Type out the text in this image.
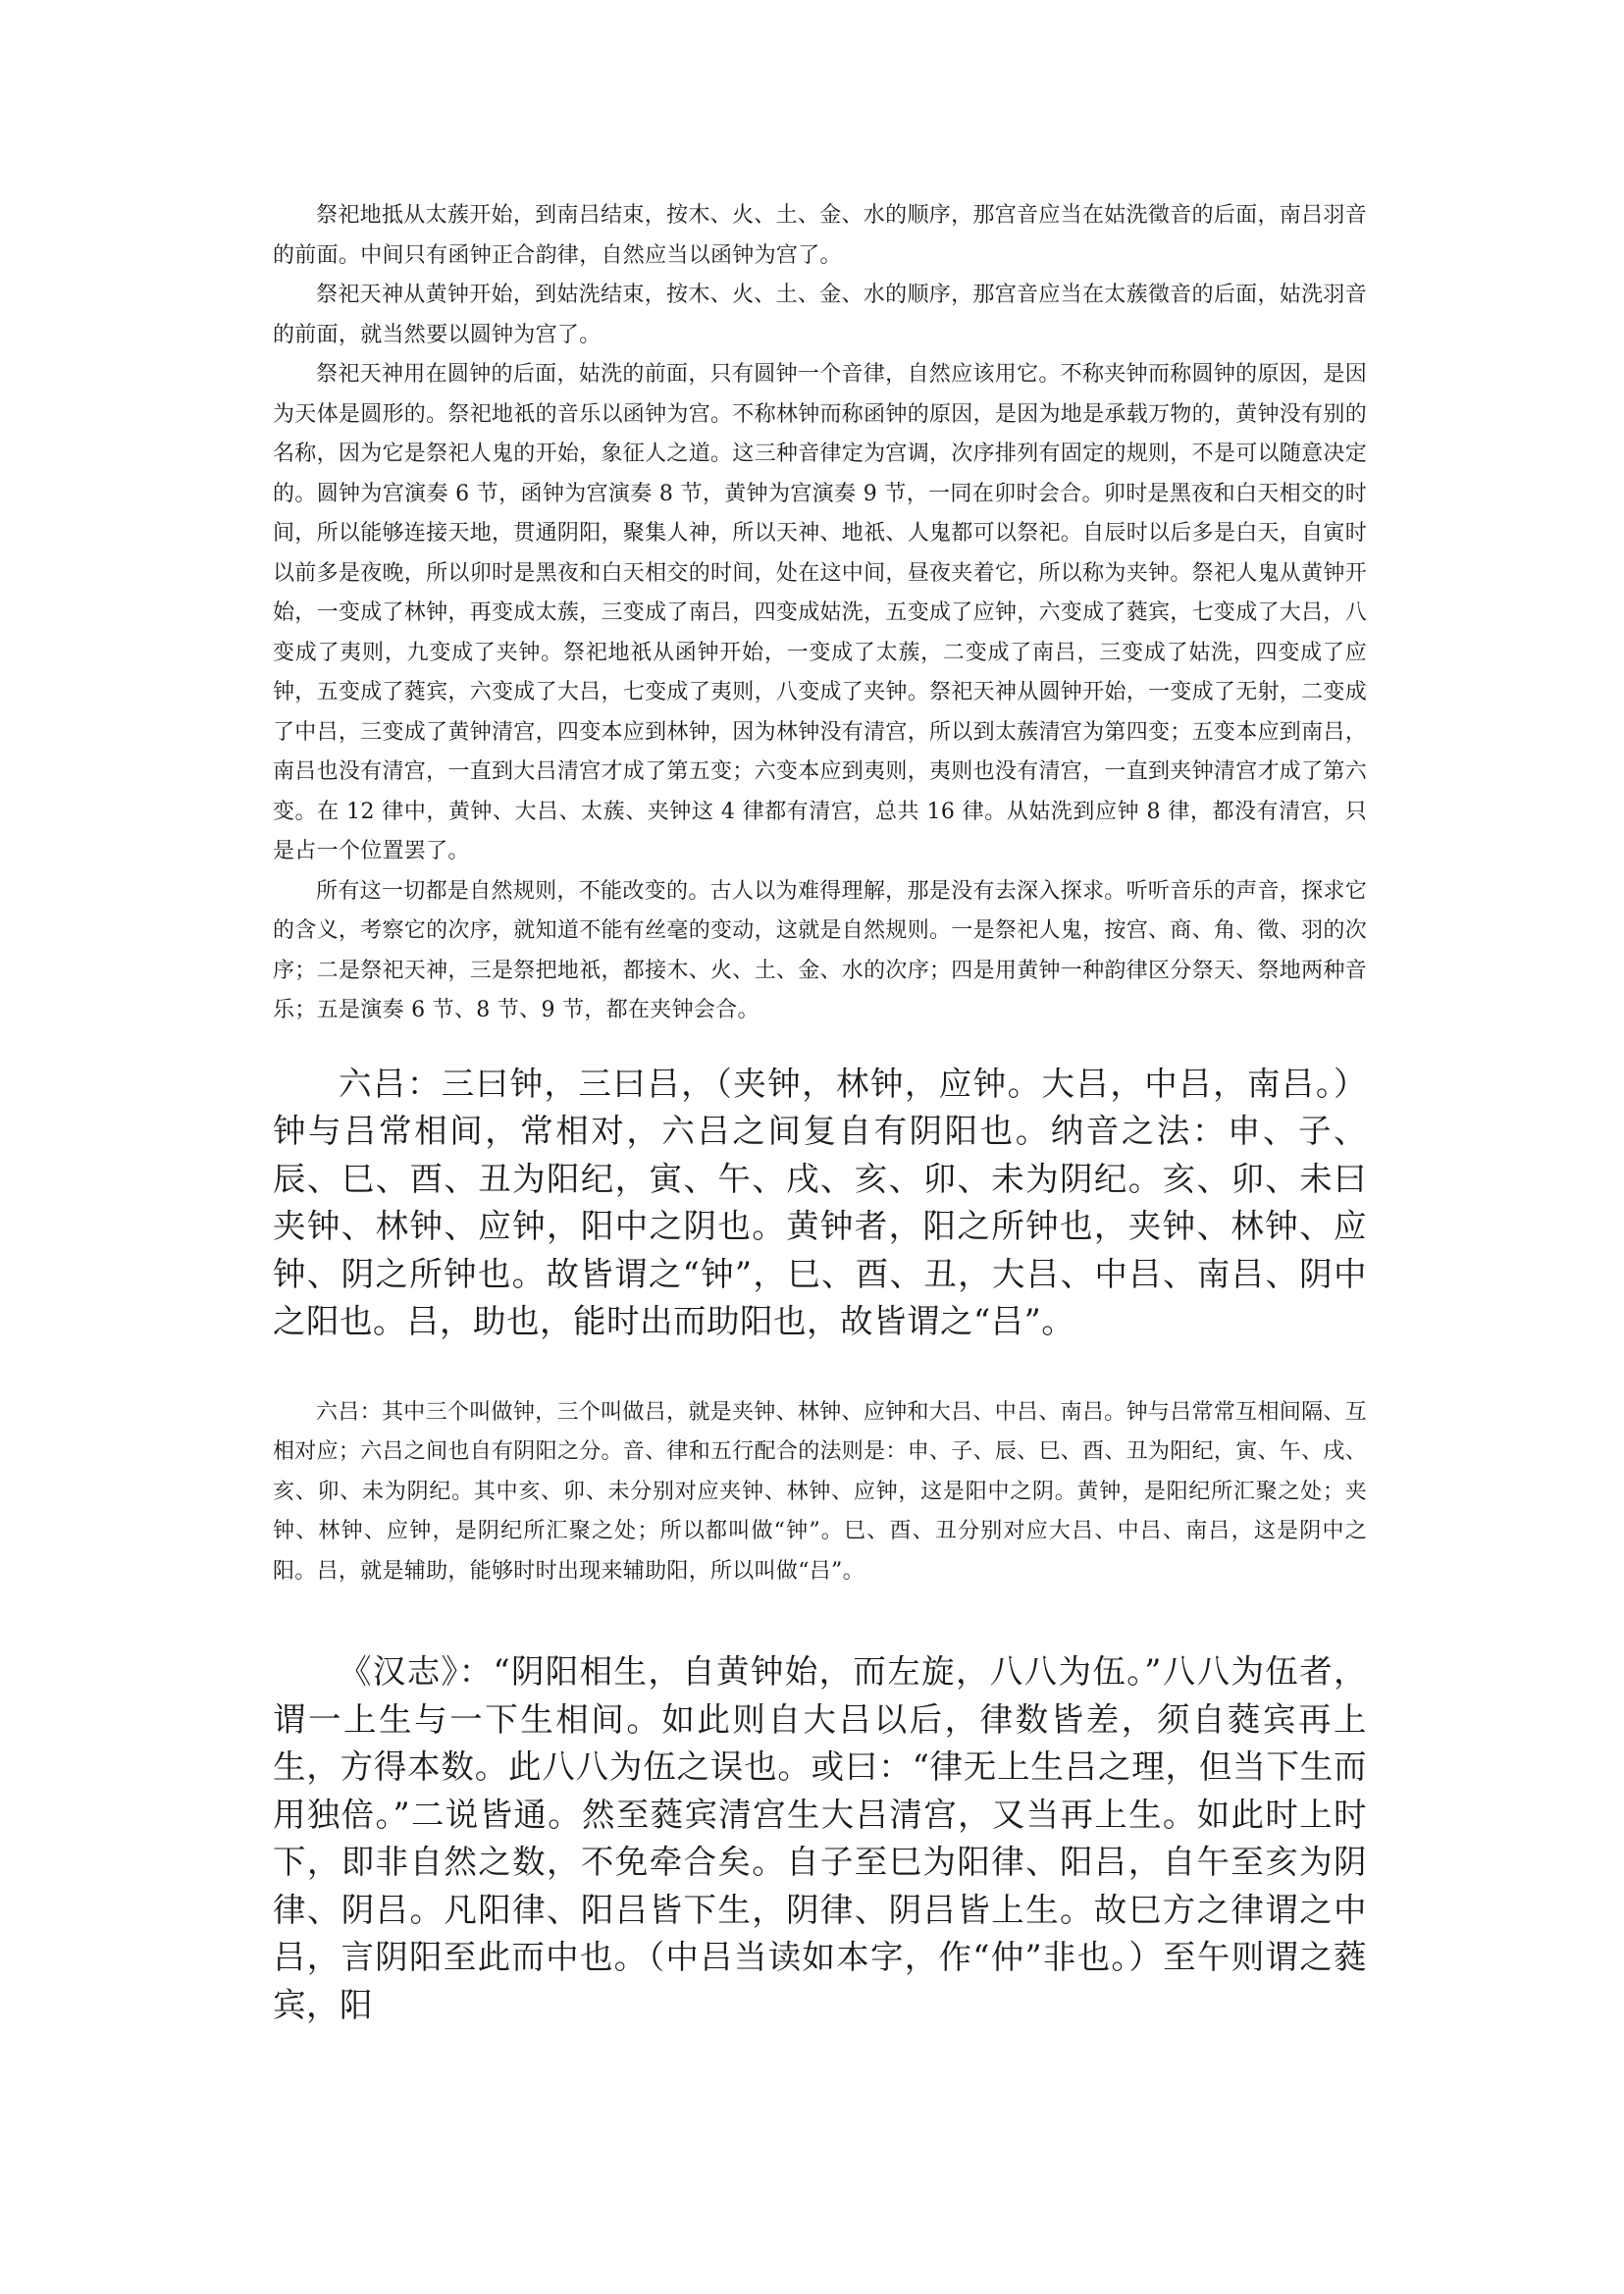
祭祀地抵从太蔟开始，到南吕结束，按木、火、土、金、水的顺序，那宫音应当在姑洗徵音的后面，南吕羽音的前面。中间只有函钟正合韵律，自然应当以函钟为宫了。

祭祀天神从黄钟开始，到姑洗结束，按木、火、土、金、水的顺序，那宫音应当在太蔟徵音的后面，姑洗羽音的前面，就当然要以圆钟为宫了。

祭祀天神用在圆钟的后面，姑洗的前面，只有圆钟一个音律，自然应该用它。不称夹钟而称圆钟的原因，是因为天体是圆形的。祭祀地祇的音乐以函钟为宫。不称林钟而称函钟的原因，是因为地是承载万物的，黄钟没有别的名称，因为它是祭祀人鬼的开始，象征人之道。这三种音律定为宫调，次序排列有固定的规则，不是可以随意决定的。圆钟为宫演奏 6 节，函钟为宫演奏 8 节，黄钟为宫演奏 9 节，一同在卯时会合。卯时是黑夜和白天相交的时间，所以能够连接天地，贯通阴阳，聚集人神，所以天神、地祇、人鬼都可以祭祀。自辰时以后多是白天，自寅时以前多是夜晚，所以卯时是黑夜和白天相交的时间，处在这中间，昼夜夹着它，所以称为夹钟。祭祀人鬼从黄钟开始，一变成了林钟，再变成太蔟，三变成了南吕，四变成姑洗，五变成了应钟，六变成了蕤宾，七变成了大吕，八变成了夷则，九变成了夹钟。祭祀地祇从函钟开始，一变成了太蔟，二变成了南吕，三变成了姑洗，四变成了应钟，五变成了蕤宾，六变成了大吕，七变成了夷则，八变成了夹钟。祭祀天神从圆钟开始，一变成了无射，二变成了中吕，三变成了黄钟清宫，四变本应到林钟，因为林钟没有清宫，所以到太蔟清宫为第四变；五变本应到南吕，南吕也没有清宫，一直到大吕清宫才成了第五变；六变本应到夷则，夷则也没有清宫，一直到夹钟清宫才成了第六变。在 12 律中，黄钟、大吕、太蔟、夹钟这 4 律都有清宫，总共 16 律。从姑洗到应钟 8 律，都没有清宫，只是占一个位置罢了。

所有这一切都是自然规则，不能改变的。古人以为难得理解，那是没有去深入探求。听听音乐的声音，探求它的含义，考察它的次序，就知道不能有丝毫的变动，这就是自然规则。一是祭祀人鬼，按宫、商、角、徵、羽的次序；二是祭祀天神，三是祭把地祇，都接木、火、土、金、水的次序；四是用黄钟一种韵律区分祭天、祭地两种音乐；五是演奏 6 节、8 节、9 节，都在夹钟会合。

六吕：三曰钟，三曰吕，（夹钟，林钟，应钟。大吕，中吕，南吕。）钟与吕常相间，常相对，六吕之间复自有阴阳也。纳音之法：申、子、辰、巳、酉、丑为阳纪，寅、午、戌、亥、卯、未为阴纪。亥、卯、未曰夹钟、林钟、应钟，阳中之阴也。黄钟者，阳之所钟也，夹钟、林钟、应钟、阴之所钟也。故皆谓之“钟”，巳、酉、丑，大吕、中吕、南吕、阴中之阳也。吕，助也，能时出而助阳也，故皆谓之“吕”。

六吕：其中三个叫做钟，三个叫做吕，就是夹钟、林钟、应钟和大吕、中吕、南吕。钟与吕常常互相间隔、互相对应；六吕之间也自有阴阳之分。音、律和五行配合的法则是：申、子、辰、巳、酉、丑为阳纪，寅、午、戌、亥、卯、未为阴纪。其中亥、卯、未分别对应夹钟、林钟、应钟，这是阳中之阴。黄钟，是阳纪所汇聚之处；夹钟、林钟、应钟，是阴纪所汇聚之处；所以都叫做“钟”。巳、酉、丑分别对应大吕、中吕、南吕，这是阴中之阳。吕，就是辅助，能够时时出现来辅助阳，所以叫做“吕”。

《汉志》：“阴阳相生，自黄钟始，而左旋，八八为伍。”八八为伍者，谓一上生与一下生相间。如此则自大吕以后，律数皆差，须自蕤宾再上生，方得本数。此八八为伍之误也。或曰：“律无上生吕之理，但当下生而用独倍。”二说皆通。然至蕤宾清宫生大吕清宫，又当再上生。如此时上时下，即非自然之数，不免牵合矣。自子至巳为阳律、阳吕，自午至亥为阴律、阴吕。凡阳律、阳吕皆下生，阴律、阴吕皆上生。故巳方之律谓之中吕，言阴阳至此而中也。（中吕当读如本字，作“仲”非也。）至午则谓之蕤宾，阳
